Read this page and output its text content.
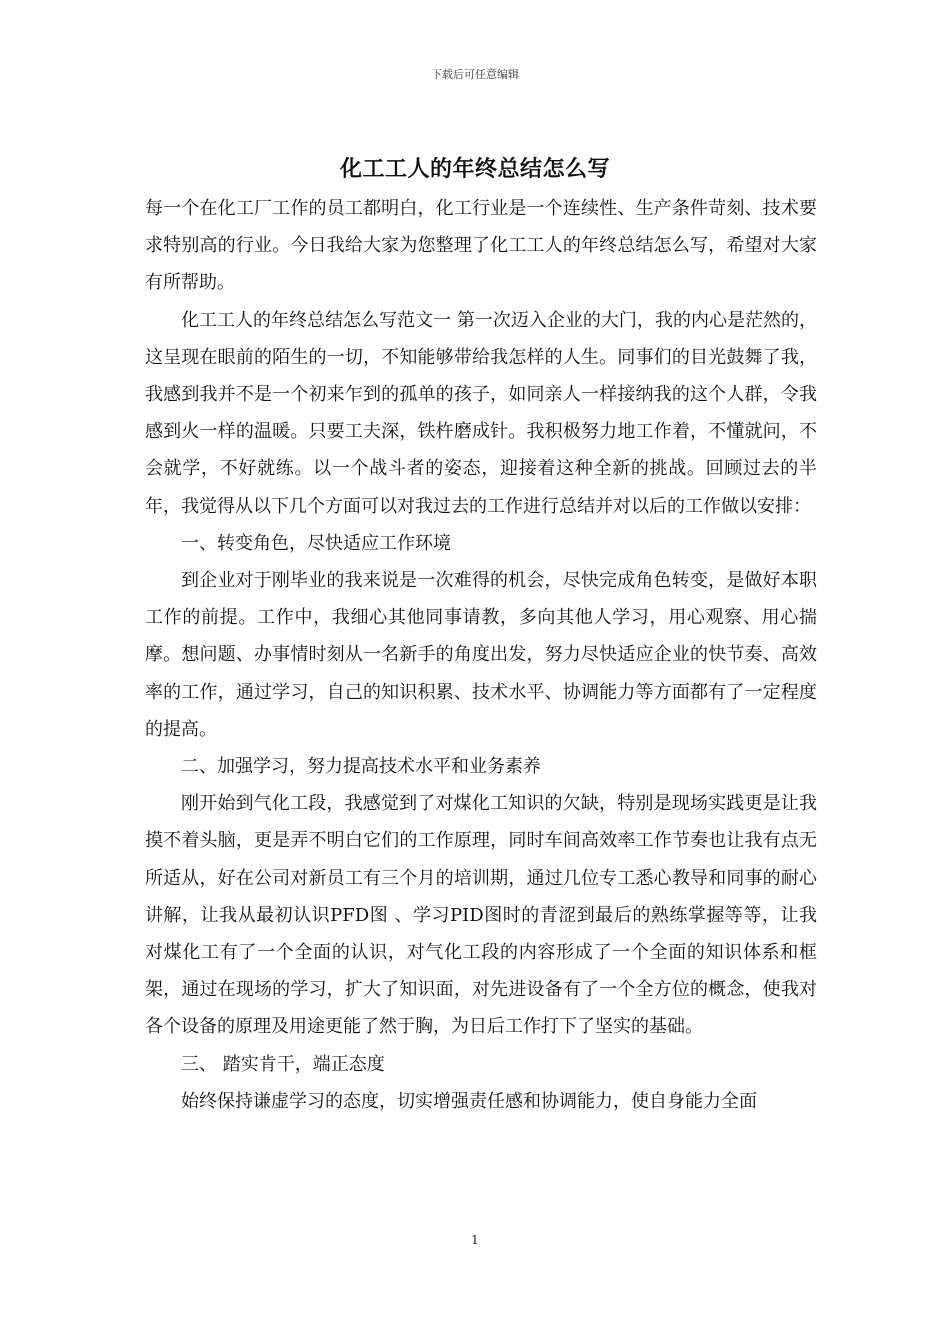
下载后可任意编辑
化工工人的年终总结怎么写

每一个在化工厂工作的员工都明白，化工行业是一个连续性、生产条件苛刻、技术要求特别高的行业。今日我给大家为您整理了化工工人的年终总结怎么写，希望对大家有所帮助。

化工工人的年终总结怎么写范文一 第一次迈入企业的大门，我的内心是茫然的，这呈现在眼前的陌生的一切，不知能够带给我怎样的人生。同事们的目光鼓舞了我，我感到我并不是一个初来乍到的孤单的孩子，如同亲人一样接纳我的这个人群，令我感到火一样的温暖。只要工夫深，铁杵磨成针。我积极努力地工作着，不懂就问，不会就学，不好就练。以一个战斗者的姿态，迎接着这种全新的挑战。回顾过去的半年，我觉得从以下几个方面可以对我过去的工作进行总结并对以后的工作做以安排：

一、转变角色，尽快适应工作环境

到企业对于刚毕业的我来说是一次难得的机会，尽快完成角色转变，是做好本职工作的前提。工作中，我细心其他同事请教，多向其他人学习，用心观察、用心揣摩。想问题、办事情时刻从一名新手的角度出发，努力尽快适应企业的快节奏、高效率的工作，通过学习，自己的知识积累、技术水平、协调能力等方面都有了一定程度的提高。

二、加强学习，努力提高技术水平和业务素养

刚开始到气化工段，我感觉到了对煤化工知识的欠缺，特别是现场实践更是让我摸不着头脑，更是弄不明白它们的工作原理，同时车间高效率工作节奏也让我有点无所适从，好在公司对新员工有三个月的培训期，通过几位专工悉心教导和同事的耐心讲解，让我从最初认识PFD图 、学习PID图时的青涩到最后的熟练掌握等等，让我对煤化工有了一个全面的认识，对气化工段的内容形成了一个全面的知识体系和框架，通过在现场的学习，扩大了知识面，对先进设备有了一个全方位的概念，使我对各个设备的原理及用途更能了然于胸，为日后工作打下了坚实的基础。

三、 踏实肯干，端正态度

始终保持谦虚学习的态度，切实增强责任感和协调能力，使自身能力全面

1
